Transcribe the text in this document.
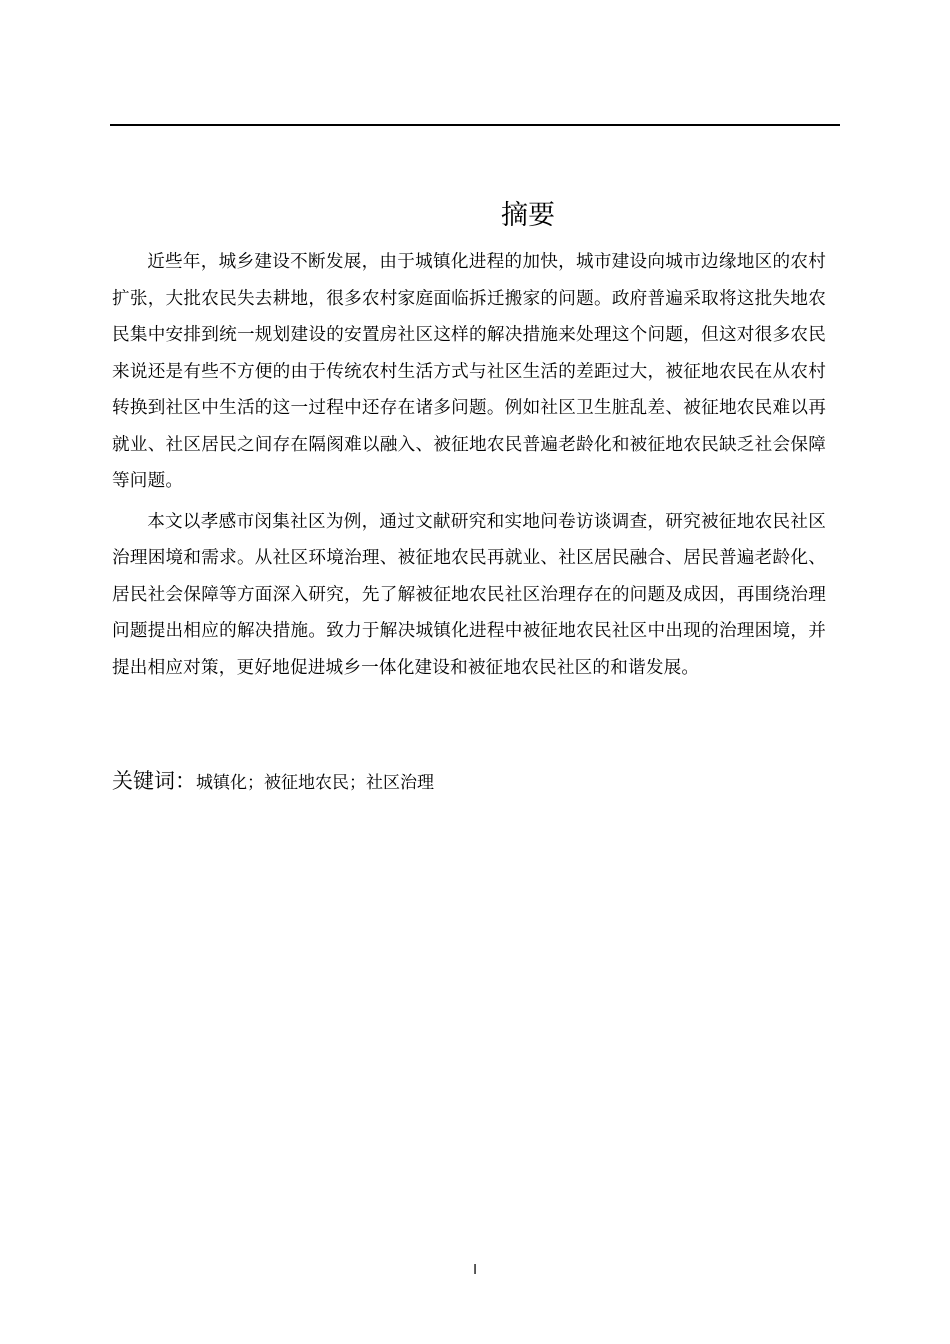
摘要

近些年，城乡建设不断发展，由于城镇化进程的加快，城市建设向城市边缘地区的农村扩张，大批农民失去耕地，很多农村家庭面临拆迁搬家的问题。政府普遍采取将这批失地农民集中安排到统一规划建设的安置房社区这样的解决措施来处理这个问题，但这对很多农民来说还是有些不方便的由于传统农村生活方式与社区生活的差距过大，被征地农民在从农村转换到社区中生活的这一过程中还存在诸多问题。例如社区卫生脏乱差、被征地农民难以再就业、社区居民之间存在隔阂难以融入、被征地农民普遍老龄化和被征地农民缺乏社会保障等问题。

本文以孝感市闵集社区为例，通过文献研究和实地问卷访谈调查，研究被征地农民社区治理困境和需求。从社区环境治理、被征地农民再就业、社区居民融合、居民普遍老龄化、居民社会保障等方面深入研究，先了解被征地农民社区治理存在的问题及成因，再围绕治理问题提出相应的解决措施。致力于解决城镇化进程中被征地农民社区中出现的治理困境，并提出相应对策，更好地促进城乡一体化建设和被征地农民社区的和谐发展。

关键词：城镇化；被征地农民；社区治理
I
